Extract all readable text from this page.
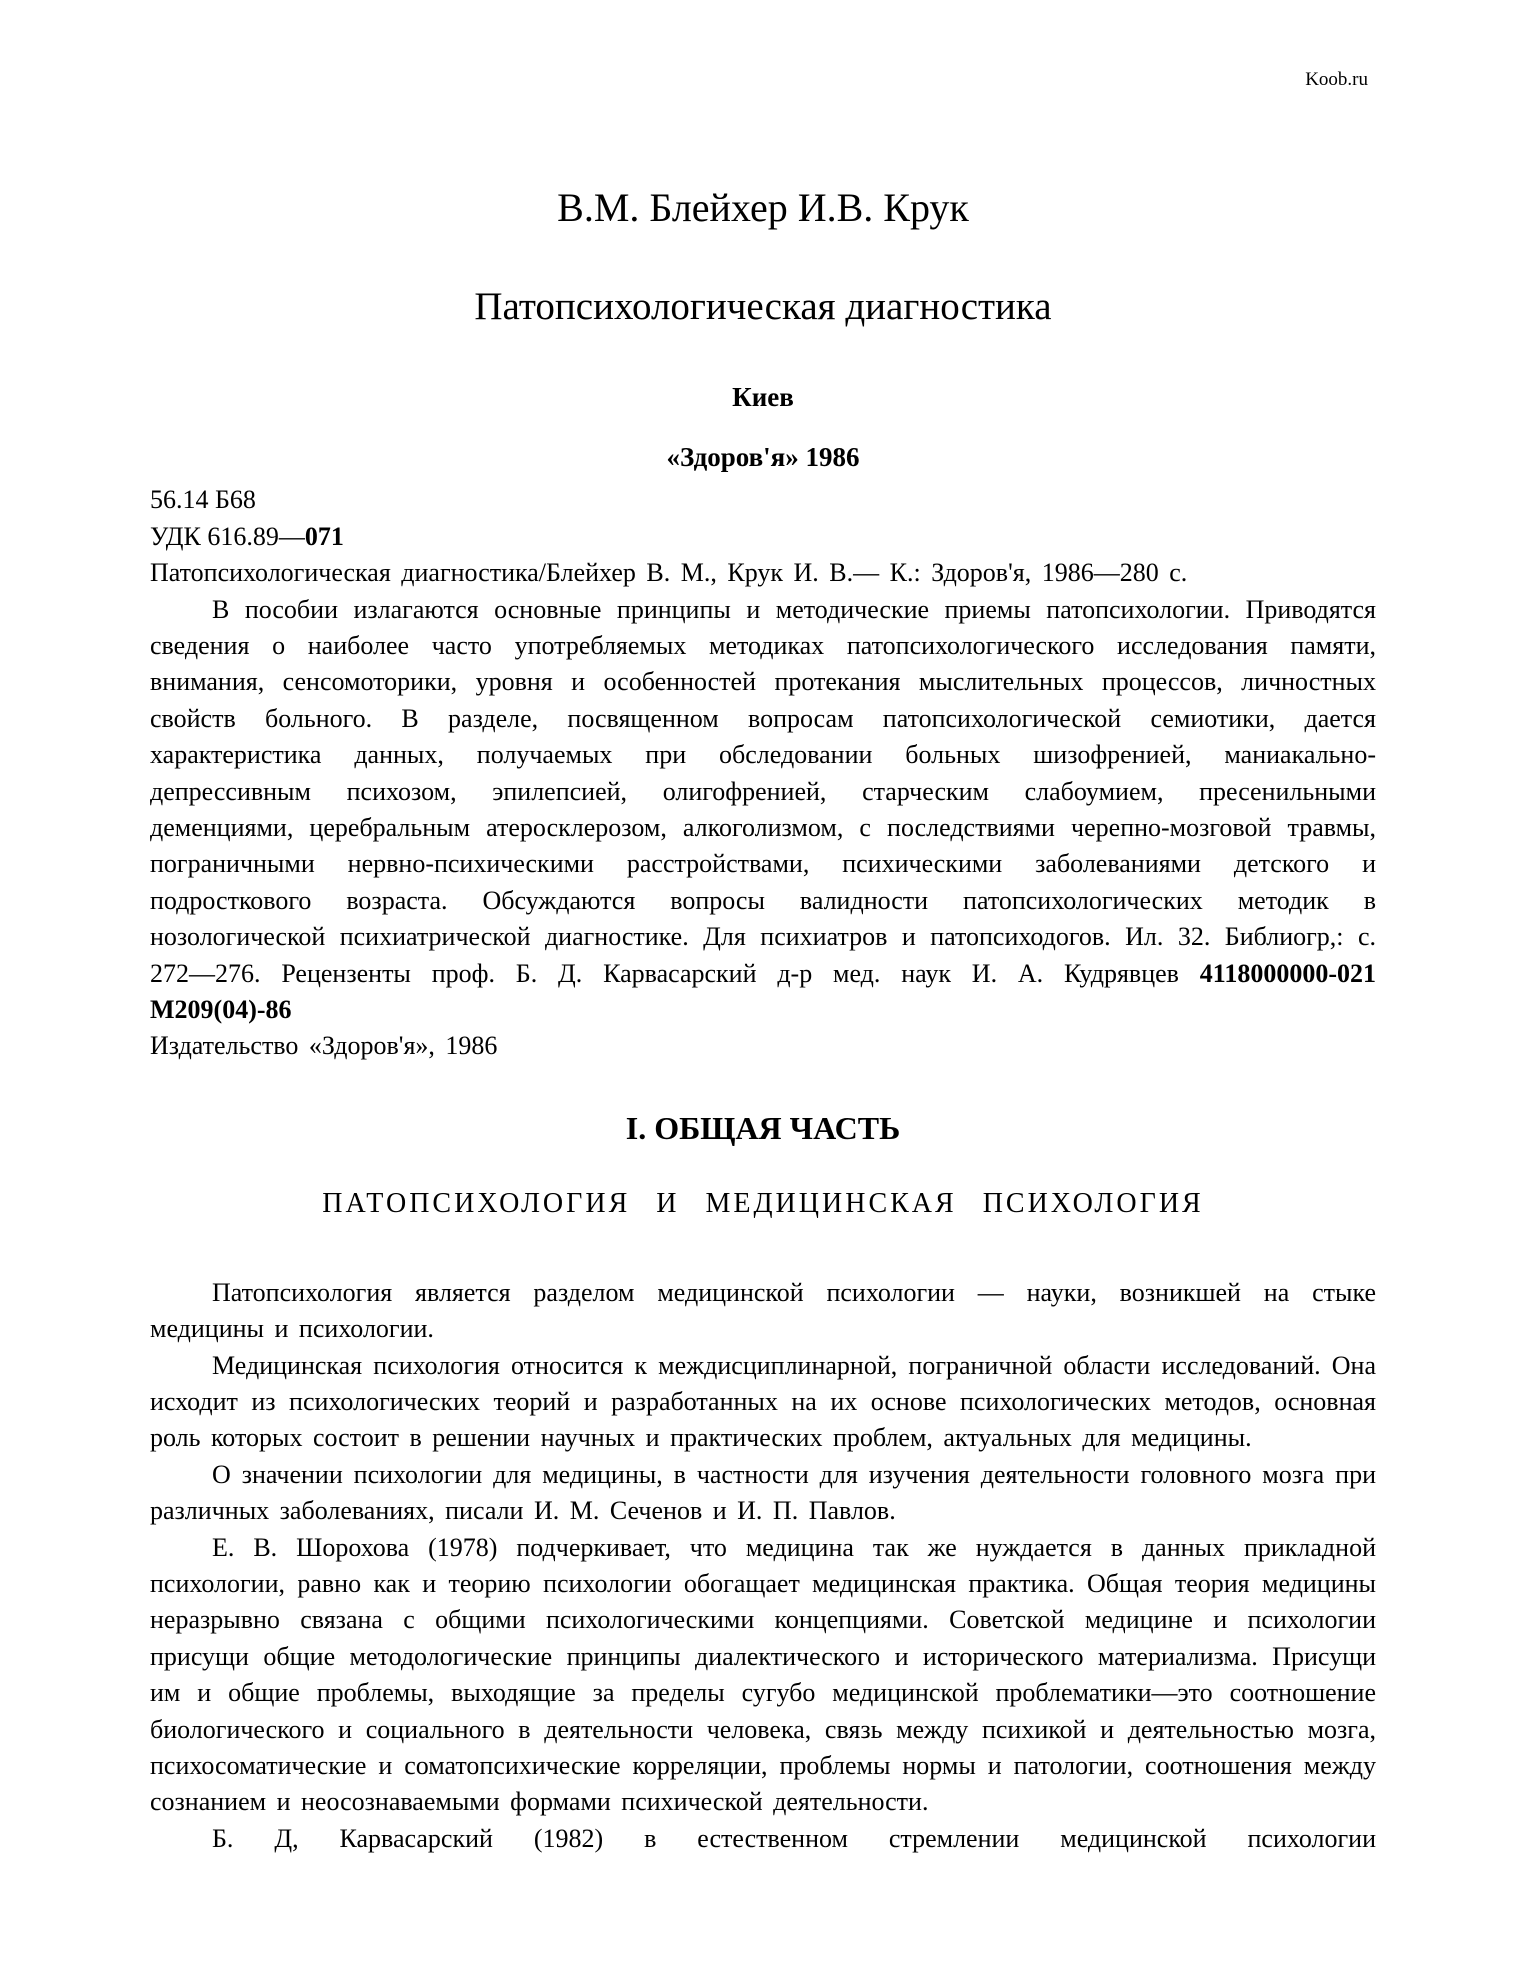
Koob.ru
В.М. Блейхер И.В. Крук
Патопсихологическая диагностика
Киев
«Здоров'я» 1986
56.14 Б68
УДК 616.89—071

Патопсихологическая диагностика/Блейхер В. М., Крук И. В.— К.: Здоров'я, 1986—280 с.

В пособии излагаются основные принципы и методические приемы патопсихологии. Приводятся сведения о наиболее часто употребляемых методиках патопсихологического исследования памяти, внимания, сенсомоторики, уровня и особенностей протекания мыслительных процессов, личностных свойств больного. В разделе, посвященном вопросам патопсихологической семиотики, дается характеристика данных, получаемых при обследовании больных шизофренией, маниакально-депрессивным психозом, эпилепсией, олигофренией, старческим слабоумием, пресенильными деменциями, церебральным атеросклерозом, алкоголизмом, с последствиями черепно-мозговой травмы, пограничными нервно-психическими расстройствами, психическими заболеваниями детского и подросткового возраста. Обсуждаются вопросы валидности патопсихологических методик в нозологической психиатрической диагностике. Для психиатров и патопсиходогов. Ил. 32. Библиогр,: с. 272—276. Рецензенты проф. Б. Д. Карвасарский д-р мед. наук И. А. Кудрявцев 4118000000-021 М209(04)-86

Издательство «Здоров'я», 1986

I. ОБЩАЯ ЧАСТЬ
ПАТОПСИХОЛОГИЯ И МЕДИЦИНСКАЯ ПСИХОЛОГИЯ

Патопсихология является разделом медицинской психологии — науки, возникшей на стыке медицины и психологии.

Медицинская психология относится к междисциплинарной, пограничной области исследований. Она исходит из психологических теорий и разработанных на их основе психологических методов, основная роль которых состоит в решении научных и практических проблем, актуальных для медицины.

О значении психологии для медицины, в частности для изучения деятельности головного мозга при различных заболеваниях, писали И. М. Сеченов и И. П. Павлов.

Е. В. Шорохова (1978) подчеркивает, что медицина так же нуждается в данных прикладной психологии, равно как и теорию психологии обогащает медицинская практика. Общая теория медицины неразрывно связана с общими психологическими концепциями. Советской медицине и психологии присущи общие методологические принципы диалектического и исторического материализма. Присущи им и общие проблемы, выходящие за пределы сугубо медицинской проблематики—это соотношение биологического и социального в деятельности человека, связь между психикой и деятельностью мозга, психосоматические и соматопсихические корреляции, проблемы нормы и патологии, соотношения между сознанием и неосознаваемыми формами психической деятельности.

Б. Д, Карвасарский (1982) в естественном стремлении медицинской психологии
